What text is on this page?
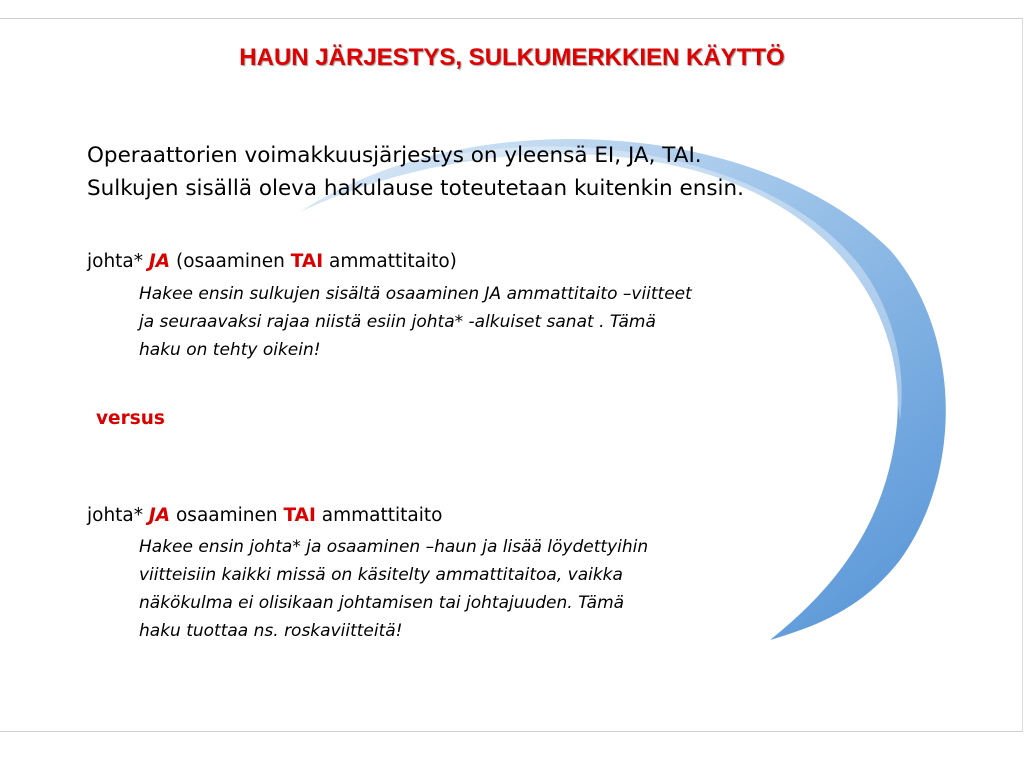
HAUN JÄRJESTYS, SULKUMERKKIEN KÄYTTÖ
Operaattorien voimakkuusjärjestys on yleensä EI, JA, TAI.
Sulkujen sisällä oleva hakulause toteutetaan kuitenkin ensin.
johta* JA (osaaminen TAI ammattitaito)
Hakee ensin sulkujen sisältä osaaminen JA ammattitaito –viitteet
ja seuraavaksi rajaa niistä esiin johta* -alkuiset sanat . Tämä
haku on tehty oikein!
versus
johta* JA osaaminen TAI ammattitaito
Hakee ensin johta* ja osaaminen –haun ja lisää löydettyihin
viitteisiin kaikki missä on käsitelty ammattitaitoa, vaikka
näkökulma ei olisikaan johtamisen tai johtajuuden. Tämä
haku tuottaa ns. roskaviitteitä!
